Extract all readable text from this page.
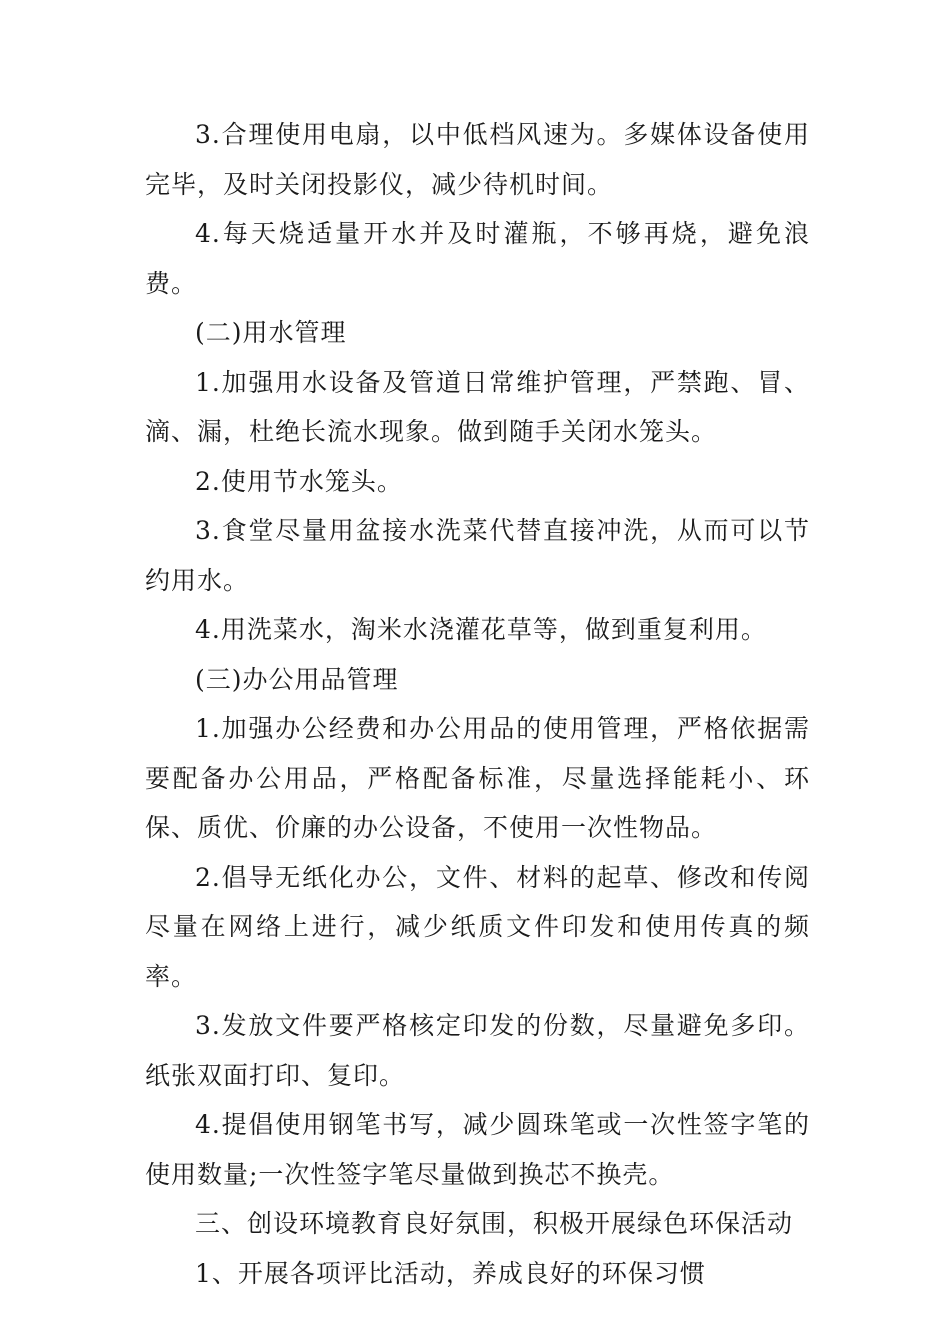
3.合理使用电扇，以中低档风速为。多媒体设备使用完毕，及时关闭投影仪，减少待机时间。

4.每天烧适量开水并及时灌瓶，不够再烧，避免浪费。

(二)用水管理

1.加强用水设备及管道日常维护管理，严禁跑、冒、滴、漏，杜绝长流水现象。做到随手关闭水笼头。

2.使用节水笼头。

3.食堂尽量用盆接水洗菜代替直接冲洗，从而可以节约用水。

4.用洗菜水，淘米水浇灌花草等，做到重复利用。

(三)办公用品管理

1.加强办公经费和办公用品的使用管理，严格依据需要配备办公用品，严格配备标准，尽量选择能耗小、环保、质优、价廉的办公设备，不使用一次性物品。

2.倡导无纸化办公，文件、材料的起草、修改和传阅尽量在网络上进行，减少纸质文件印发和使用传真的频率。

3.发放文件要严格核定印发的份数，尽量避免多印。纸张双面打印、复印。

4.提倡使用钢笔书写，减少圆珠笔或一次性签字笔的使用数量;一次性签字笔尽量做到换芯不换壳。

三、创设环境教育良好氛围，积极开展绿色环保活动

1、开展各项评比活动，养成良好的环保习惯
